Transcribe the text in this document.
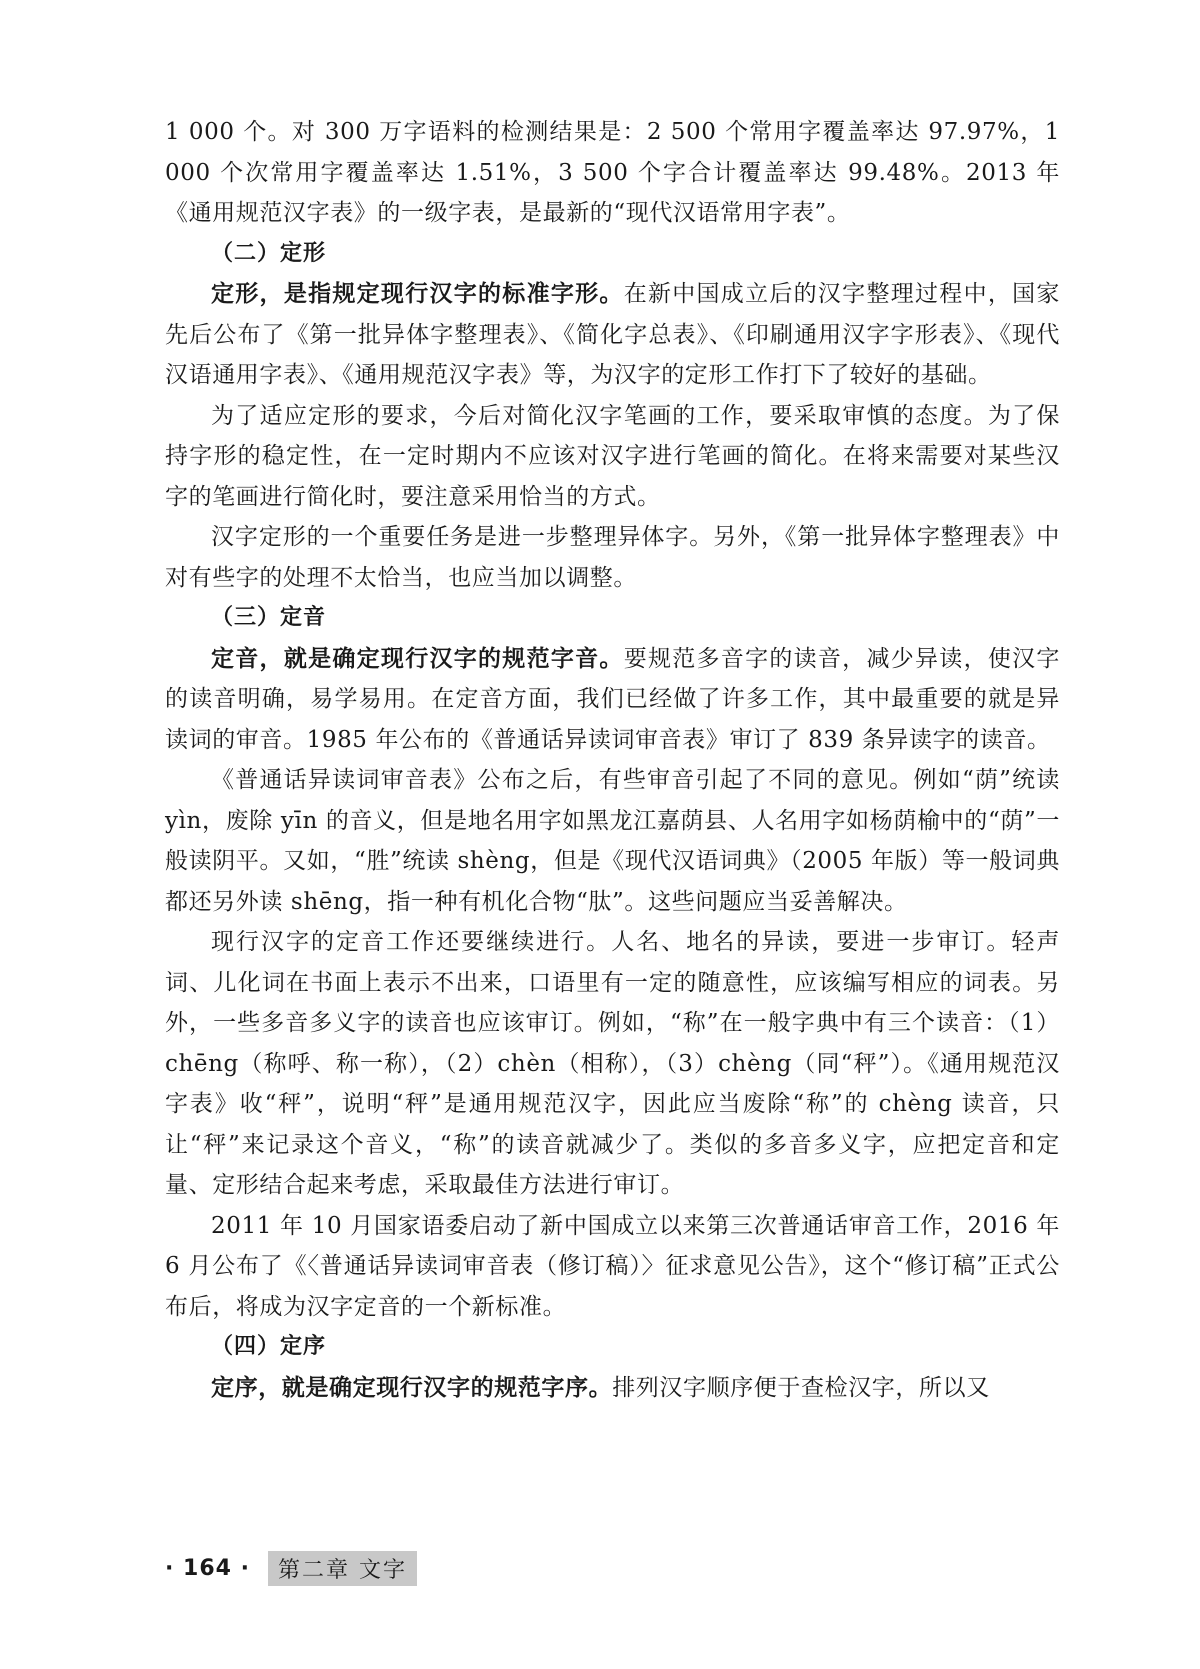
1 000 个。对 300 万字语料的检测结果是：2 500 个常用字覆盖率达 97.97%，1 000 个次常用字覆盖率达 1.51%，3 500 个字合计覆盖率达 99.48%。2013 年《通用规范汉字表》的一级字表，是最新的“现代汉语常用字表”。

（二）定形

定形，是指规定现行汉字的标准字形。在新中国成立后的汉字整理过程中，国家先后公布了《第一批异体字整理表》、《简化字总表》、《印刷通用汉字字形表》、《现代汉语通用字表》、《通用规范汉字表》等，为汉字的定形工作打下了较好的基础。

为了适应定形的要求，今后对简化汉字笔画的工作，要采取审慎的态度。为了保持字形的稳定性，在一定时期内不应该对汉字进行笔画的简化。在将来需要对某些汉字的笔画进行简化时，要注意采用恰当的方式。

汉字定形的一个重要任务是进一步整理异体字。另外，《第一批异体字整理表》中对有些字的处理不太恰当，也应当加以调整。

（三）定音

定音，就是确定现行汉字的规范字音。要规范多音字的读音，减少异读，使汉字的读音明确，易学易用。在定音方面，我们已经做了许多工作，其中最重要的就是异读词的审音。1985 年公布的《普通话异读词审音表》审订了 839 条异读字的读音。

《普通话异读词审音表》公布之后，有些审音引起了不同的意见。例如“荫”统读 yìn，废除 yīn 的音义，但是地名用字如黑龙江嘉荫县、人名用字如杨荫榆中的“荫”一般读阴平。又如，“胜”统读 shèng，但是《现代汉语词典》（2005 年版）等一般词典都还另外读 shēng，指一种有机化合物“肽”。这些问题应当妥善解决。

现行汉字的定音工作还要继续进行。人名、地名的异读，要进一步审订。轻声词、儿化词在书面上表示不出来，口语里有一定的随意性，应该编写相应的词表。另外，一些多音多义字的读音也应该审订。例如，“称”在一般字典中有三个读音：（1）chēng（称呼、称一称），（2）chèn（相称），（3）chèng（同“秤”）。《通用规范汉字表》收“秤”，说明“秤”是通用规范汉字，因此应当废除“称”的 chèng 读音，只让“秤”来记录这个音义，“称”的读音就减少了。类似的多音多义字，应把定音和定量、定形结合起来考虑，采取最佳方法进行审订。

2011 年 10 月国家语委启动了新中国成立以来第三次普通话审音工作，2016 年 6 月公布了《〈普通话异读词审音表（修订稿）〉征求意见公告》，这个“修订稿”正式公布后，将成为汉字定音的一个新标准。

（四）定序

定序，就是确定现行汉字的规范字序。排列汉字顺序便于查检汉字，所以又

· 164 ·	第二章 文字
